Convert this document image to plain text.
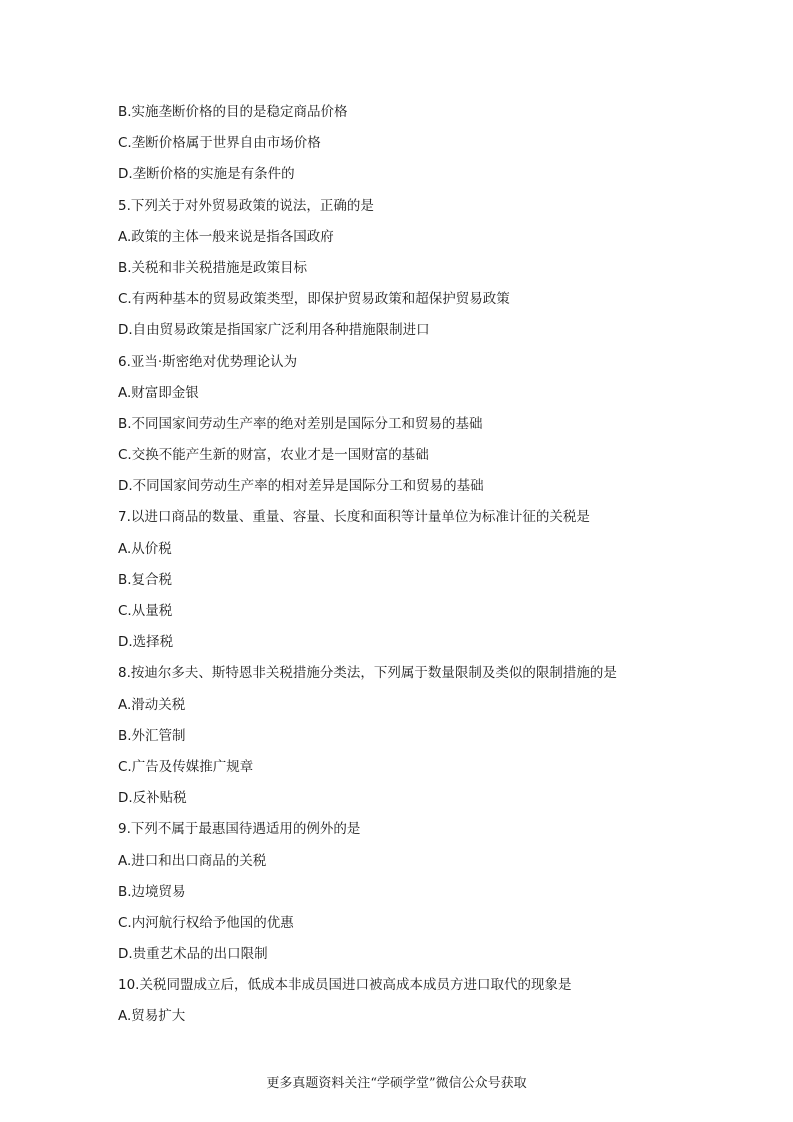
B.实施垄断价格的目的是稳定商品价格
C.垄断价格属于世界自由市场价格
D.垄断价格的实施是有条件的
5.下列关于对外贸易政策的说法，正确的是
A.政策的主体一般来说是指各国政府
B.关税和非关税措施是政策目标
C.有两种基本的贸易政策类型，即保护贸易政策和超保护贸易政策
D.自由贸易政策是指国家广泛利用各种措施限制进口
6.亚当·斯密绝对优势理论认为
A.财富即金银
B.不同国家间劳动生产率的绝对差别是国际分工和贸易的基础
C.交换不能产生新的财富，农业才是一国财富的基础
D.不同国家间劳动生产率的相对差异是国际分工和贸易的基础
7.以进口商品的数量、重量、容量、长度和面积等计量单位为标准计征的关税是
A.从价税
B.复合税
C.从量税
D.选择税
8.按迪尔多夫、斯特恩非关税措施分类法，下列属于数量限制及类似的限制措施的是
A.滑动关税
B.外汇管制
C.广告及传媒推广规章
D.反补贴税
9.下列不属于最惠国待遇适用的例外的是
A.进口和出口商品的关税
B.边境贸易
C.内河航行权给予他国的优惠
D.贵重艺术品的出口限制
10.关税同盟成立后，低成本非成员国进口被高成本成员方进口取代的现象是
A.贸易扩大
更多真题资料关注“学硕学堂”微信公众号获取
